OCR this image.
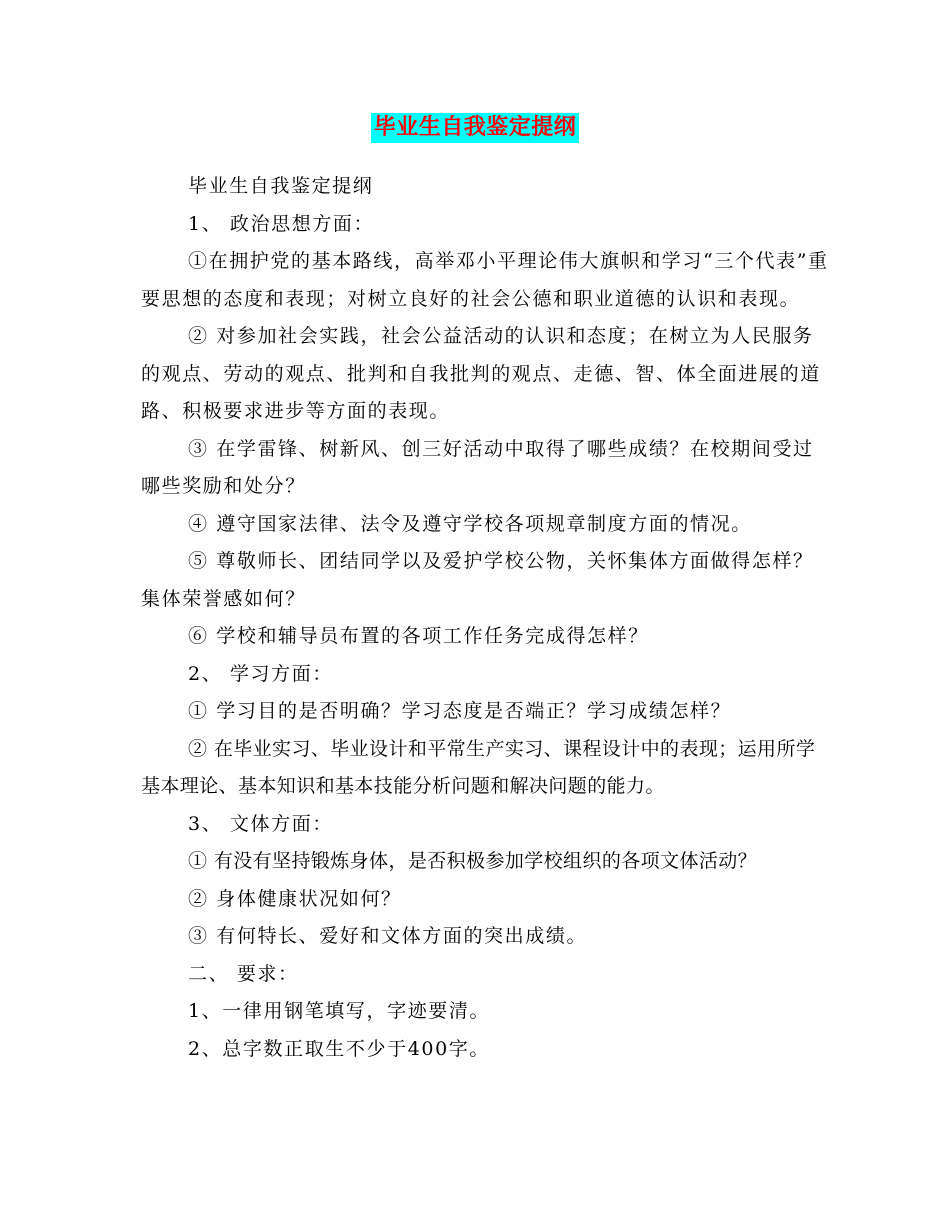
毕业生自我鉴定提纲

毕业生自我鉴定提纲

1、 政治思想方面：

①在拥护党的基本路线，高举邓小平理论伟大旗帜和学习“三个代表”重要思想的态度和表现；对树立良好的社会公德和职业道德的认识和表现。

② 对参加社会实践，社会公益活动的认识和态度；在树立为人民服务的观点、劳动的观点、批判和自我批判的观点、走德、智、体全面进展的道路、积极要求进步等方面的表现。

③ 在学雷锋、树新风、创三好活动中取得了哪些成绩？在校期间受过哪些奖励和处分？

④ 遵守国家法律、法令及遵守学校各项规章制度方面的情况。

⑤ 尊敬师长、团结同学以及爱护学校公物，关怀集体方面做得怎样？集体荣誉感如何？

⑥ 学校和辅导员布置的各项工作任务完成得怎样？

2、 学习方面：

① 学习目的是否明确？学习态度是否端正？学习成绩怎样？

② 在毕业实习、毕业设计和平常生产实习、课程设计中的表现；运用所学基本理论、基本知识和基本技能分析问题和解决问题的能力。

3、 文体方面：

① 有没有坚持锻炼身体，是否积极参加学校组织的各项文体活动？

② 身体健康状况如何？

③ 有何特长、爱好和文体方面的突出成绩。

二、 要求：

1、一律用钢笔填写，字迹要清。

2、总字数正取生不少于400字。
